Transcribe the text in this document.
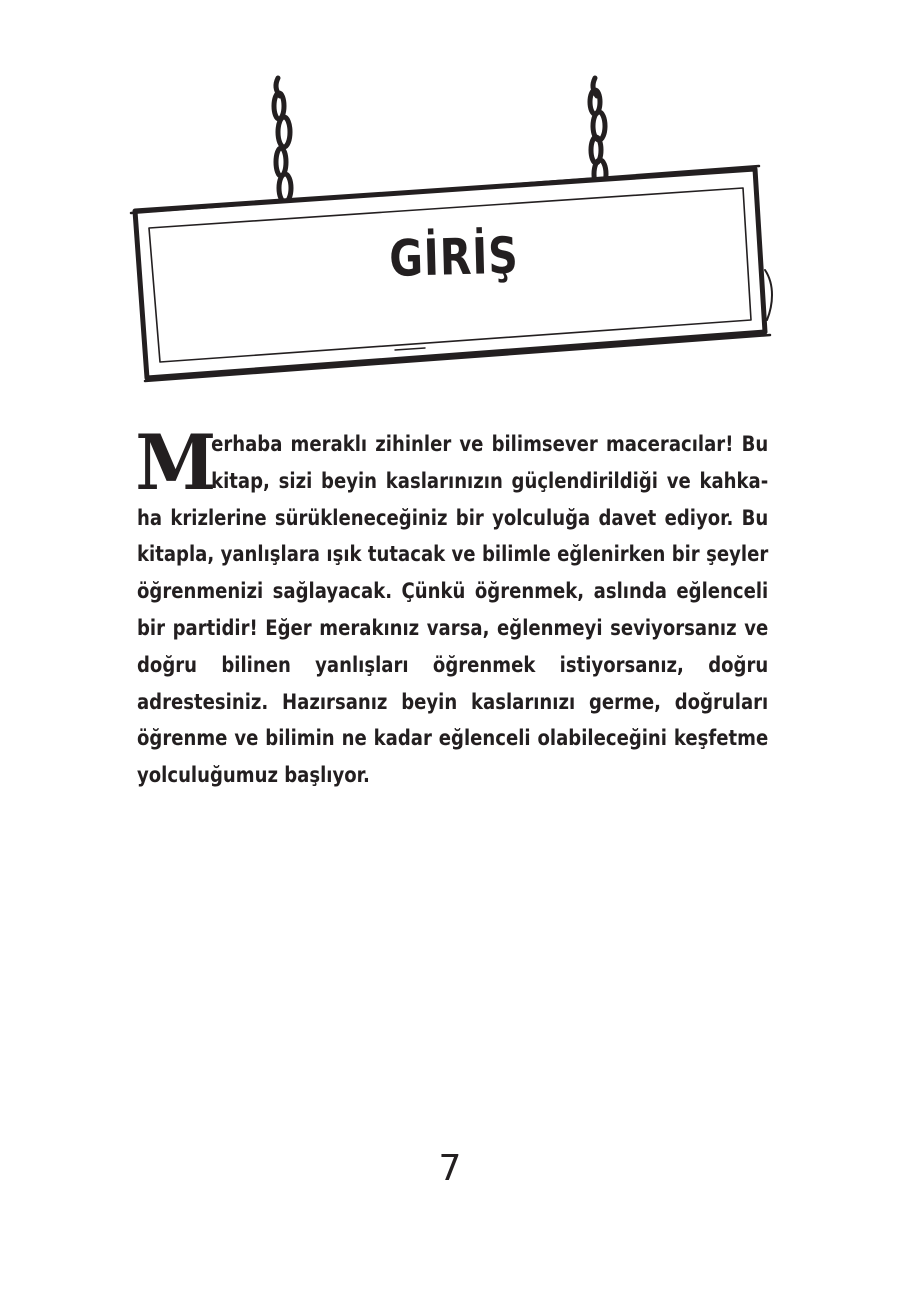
GİRİŞ

M
erhaba meraklı zihinler ve bilimsever maceracılar! Bu kitap, sizi beyin kaslarınızın güçlendirildiği ve kahkaha krizlerine sürükleneceğiniz bir yolculuğa davet ediyor. Bu kitapla, yanlışlara ışık tutacak ve bilimle eğlenirken bir şeyler öğrenmenizi sağlayacak. Çünkü öğrenmek, aslında eğlenceli bir partidir! Eğer merakınız varsa, eğlenmeyi seviyorsanız ve doğru bilinen yanlışları öğrenmek istiyorsanız, doğru adrestesiniz. Hazırsanız beyin kaslarınızı germe, doğruları öğrenme ve bilimin ne kadar eğlenceli olabileceğini keşfetme yolculuğumuz başlıyor.

7
